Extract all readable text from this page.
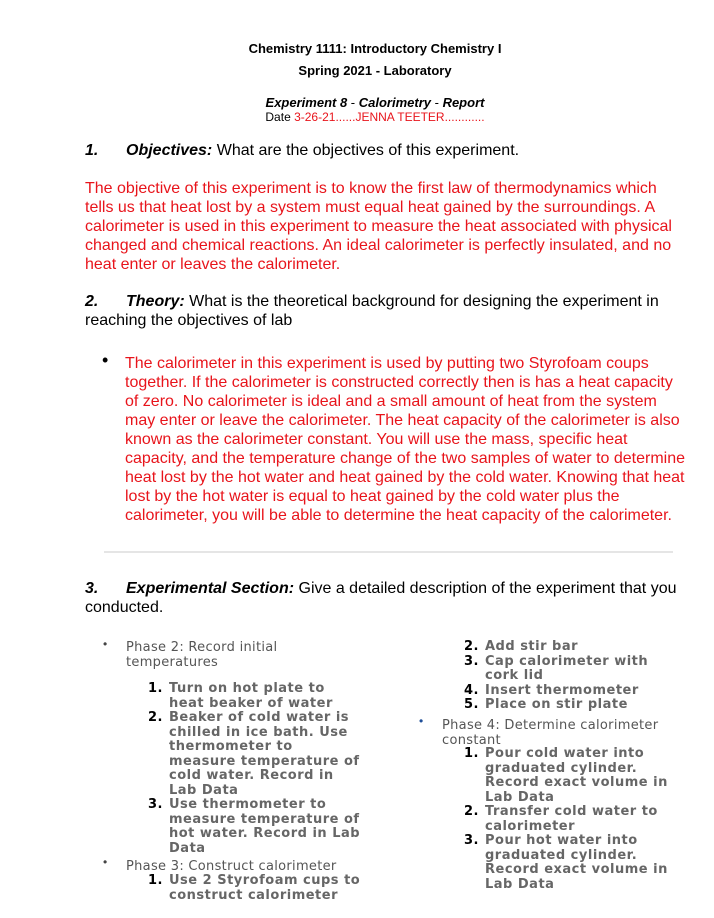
Chemistry 1111: Introductory Chemistry I
Spring 2021 - Laboratory
Experiment 8 - Calorimetry - Report
Date 3-26-21......JENNA TEETER............
1. Objectives: What are the objectives of this experiment.
The objective of this experiment is to know the first law of thermodynamics which tells us that heat lost by a system must equal heat gained by the surroundings. A calorimeter is used in this experiment to measure the heat associated with physical changed and chemical reactions. An ideal calorimeter is perfectly insulated, and no heat enter or leaves the calorimeter.
2. Theory: What is the theoretical background for designing the experiment in reaching the objectives of lab
• The calorimeter in this experiment is used by putting two Styrofoam coups together. If the calorimeter is constructed correctly then is has a heat capacity of zero. No calorimeter is ideal and a small amount of heat from the system may enter or leave the calorimeter. The heat capacity of the calorimeter is also known as the calorimeter constant. You will use the mass, specific heat capacity, and the temperature change of the two samples of water to determine heat lost by the hot water and heat gained by the cold water. Knowing that heat lost by the hot water is equal to heat gained by the cold water plus the calorimeter, you will be able to determine the heat capacity of the calorimeter.
3. Experimental Section: Give a detailed description of the experiment that you conducted.
• Phase 2: Record initial temperatures
1. Turn on hot plate to heat beaker of water
2. Beaker of cold water is chilled in ice bath. Use thermometer to measure temperature of cold water. Record in Lab Data
3. Use thermometer to measure temperature of hot water. Record in Lab Data
• Phase 3: Construct calorimeter
1. Use 2 Styrofoam cups to construct calorimeter
2. Add stir bar
3. Cap calorimeter with cork lid
4. Insert thermometer
5. Place on stir plate
• Phase 4: Determine calorimeter constant
1. Pour cold water into graduated cylinder. Record exact volume in Lab Data
2. Transfer cold water to calorimeter
3. Pour hot water into graduated cylinder. Record exact volume in Lab Data
